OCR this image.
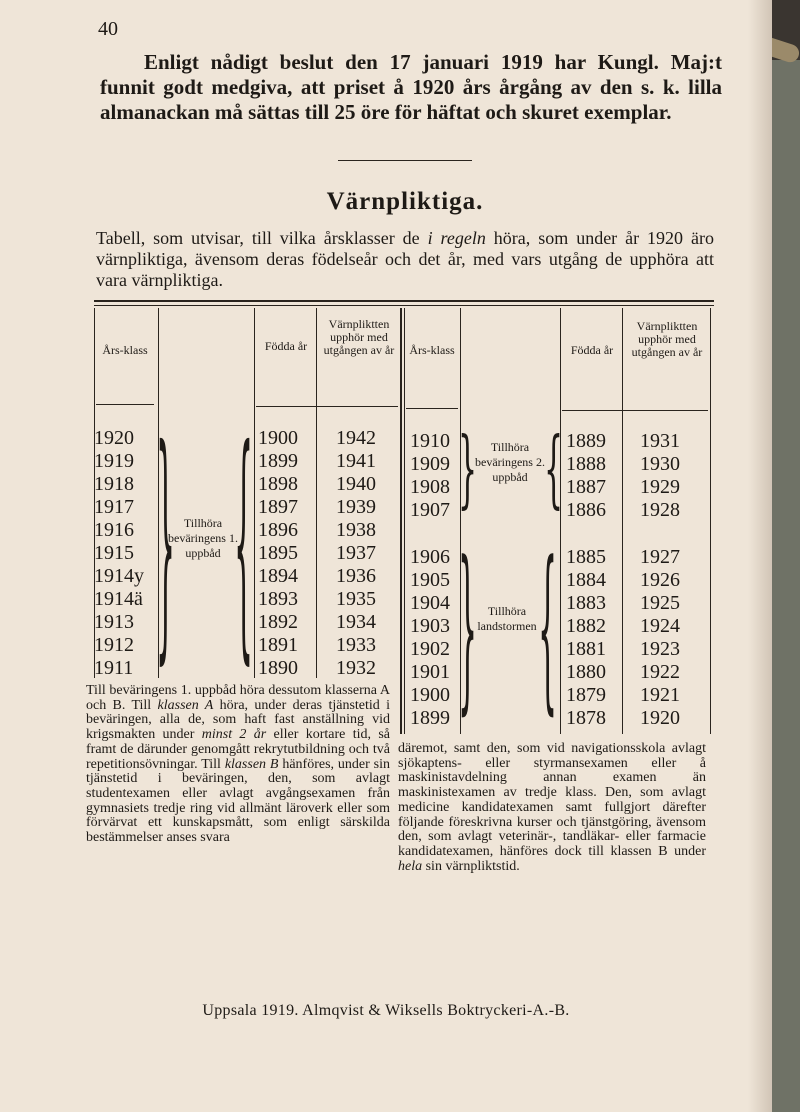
40

Enligt nådigt beslut den 17 januari 1919 har Kungl. Maj:t funnit godt medgiva, att priset å 1920 års årgång av den s. k. lilla almanackan må sättas till 25 öre för häftat och skuret exemplar.

Värnpliktiga.

Tabell, som utvisar, till vilka årsklasser de i regeln höra, som under år 1920 äro värnpliktiga, ävensom deras födelseår och det år, med vars utgång de upphöra att vara värnpliktiga.

Års-klass	Födda år
Värnpliktten upphör med utgången av år	Års-klass	Födda år
Värnpliktten upphör med utgången av år
1920	1900 1942
1919	1899 1941
1918	1898 1940
1917	1897 1939
1916	1896 1938
1915	1895 1937
1914y	1894 1936
1914ä	1893 1935
1913	1892 1934
1912	1891 1933
1911	1890 1932
1910	1889 1931
1909	1888 1930
1908	1887 1929
1907	1886 1928
1906	1885 1927
1905	1884 1926
1904	1883 1925
1903	1882 1924
1902	1881 1923
1901	1880 1922
1900	1879 1921
1899	1878 1920
} {	} {
} {
Tillhöra beväringens 1. uppbåd
Tillhöra beväringens 2. uppbåd
Tillhöra landstormen
Till beväringens 1. uppbåd höra dessutom klasserna A och B. Till klassen A höra, under deras tjänstetid i beväringen, alla de, som haft fast anställning vid krigsmakten under minst 2 år eller kortare tid, så framt de därunder genomgått rekrytutbildning och två repetitionsövningar. Till klassen B hänföres, under sin tjänstetid i beväringen, den, som avlagt studentexamen eller avlagt avgångsexamen från gymnasiets tredje ring vid allmänt läroverk eller som förvärvat ett kunskapsmått, som enligt särskilda bestämmelser anses svara
däremot, samt den, som vid navigationsskola avlagt sjökaptens- eller styrmansexamen eller å maskinistavdelning annan examen än maskinistexamen av tredje klass. Den, som avlagt medicine kandidatexamen samt fullgjort därefter följande föreskrivna kurser och tjänstgöring, ävensom den, som avlagt veterinär-, tandläkar- eller farmacie kandidatexamen, hänföres dock till klassen B under hela sin värnpliktstid.

Uppsala 1919. Almqvist & Wiksells Boktryckeri-A.-B.
